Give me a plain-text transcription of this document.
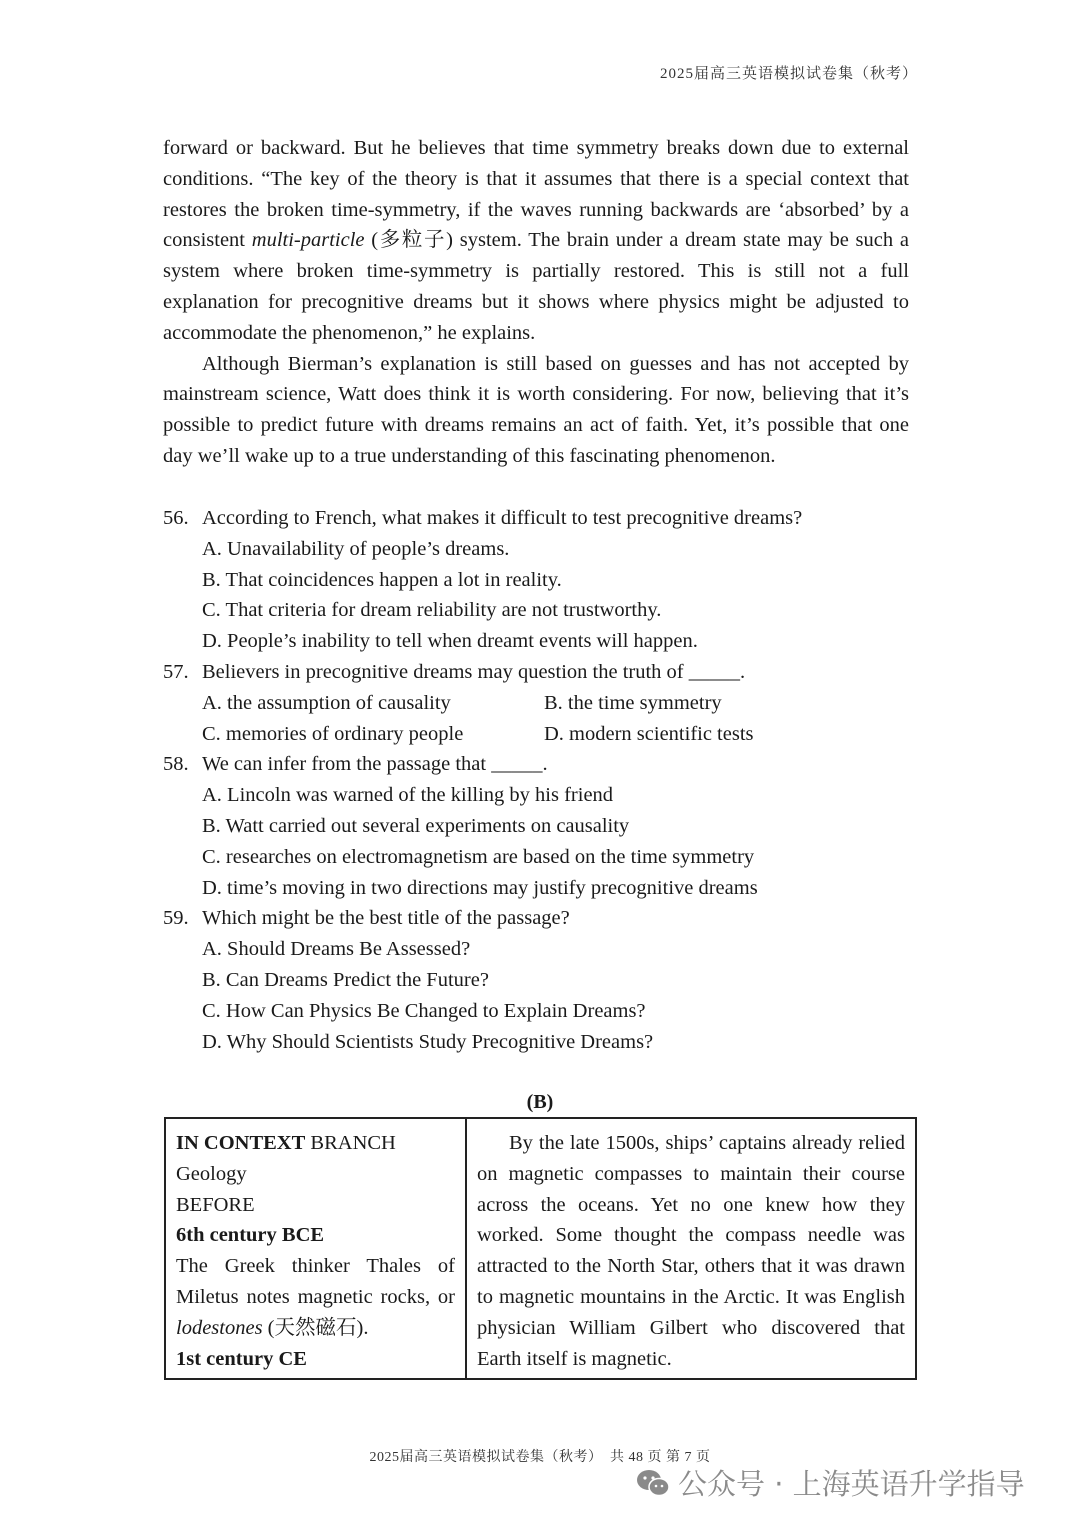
2025届高三英语模拟试卷集（秋考）

forward or backward. But he believes that time symmetry breaks down due to external conditions. “The key of the theory is that it assumes that there is a special context that restores the broken time-symmetry, if the waves running backwards are ‘absorbed’ by a consistent multi-particle (多粒子) system. The brain under a dream state may be such a system where broken time-symmetry is partially restored. This is still not a full explanation for precognitive dreams but it shows where physics might be adjusted to accommodate the phenomenon,” he explains.

Although Bierman’s explanation is still based on guesses and has not accepted by mainstream science, Watt does think it is worth considering. For now, believing that it’s possible to predict future with dreams remains an act of faith. Yet, it’s possible that one day we’ll wake up to a true understanding of this fascinating phenomenon.

56. According to French, what makes it difficult to test precognitive dreams?
A. Unavailability of people’s dreams.
B. That coincidences happen a lot in reality.
C. That criteria for dream reliability are not trustworthy.
D. People’s inability to tell when dreamt events will happen.
57. Believers in precognitive dreams may question the truth of _____.
A. the assumption of causality	B. the time symmetry
C. memories of ordinary people	D. modern scientific tests
58. We can infer from the passage that _____.
A. Lincoln was warned of the killing by his friend
B. Watt carried out several experiments on causality
C. researches on electromagnetism are based on the time symmetry
D. time’s moving in two directions may justify precognitive dreams
59. Which might be the best title of the passage?
A. Should Dreams Be Assessed?
B. Can Dreams Predict the Future?
C. How Can Physics Be Changed to Explain Dreams?
D. Why Should Scientists Study Precognitive Dreams?
(B)
IN CONTEXT BRANCH
Geology
BEFORE
6th century BCE
The Greek thinker Thales of Miletus notes magnetic rocks, or lodestones (天然磁石).
1st century CE

By the late 1500s, ships’ captains already relied on magnetic compasses to maintain their course across the oceans. Yet no one knew how they worked. Some thought the compass needle was attracted to the North Star, others that it was drawn to magnetic mountains in the Arctic. It was English physician William Gilbert who discovered that Earth itself is magnetic.
2025届高三英语模拟试卷集（秋考）　共 48 页 第 7 页
公众号 · 上海英语升学指导
